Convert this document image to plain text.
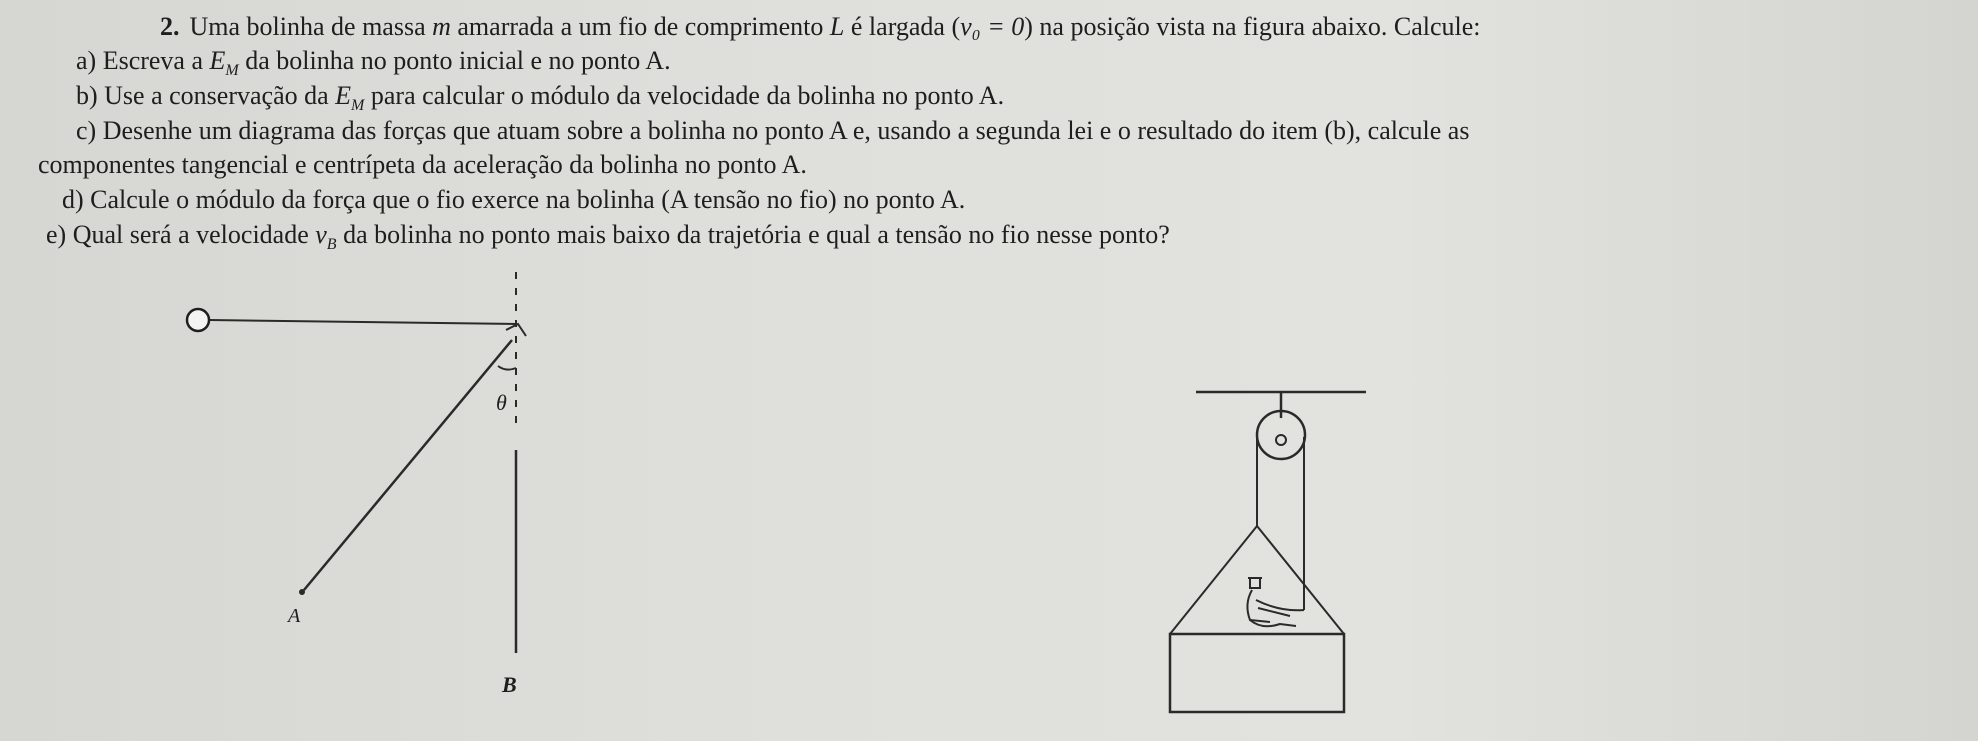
2. Uma bolinha de massa m amarrada a um fio de comprimento L é largada (v₀ = 0) na posição vista na figura abaixo. Calcule:
a) Escreva a $E_M$ da bolinha no ponto inicial e no ponto A.
b) Use a conservação da $E_M$ para calcular o módulo da velocidade da bolinha no ponto A.
c) Desenhe um diagrama das forças que atuam sobre a bolinha no ponto A e, usando a segunda lei e o resultado do item (b), calcule as
componentes tangencial e centrípeta da aceleração da bolinha no ponto A.
d) Calcule o módulo da força que o fio exerce na bolinha (A tensão no fio) no ponto A.
e) Qual será a velocidade $v_B$ da bolinha no ponto mais baixo da trajetória e qual a tensão no fio nesse ponto?
θ
A
B
